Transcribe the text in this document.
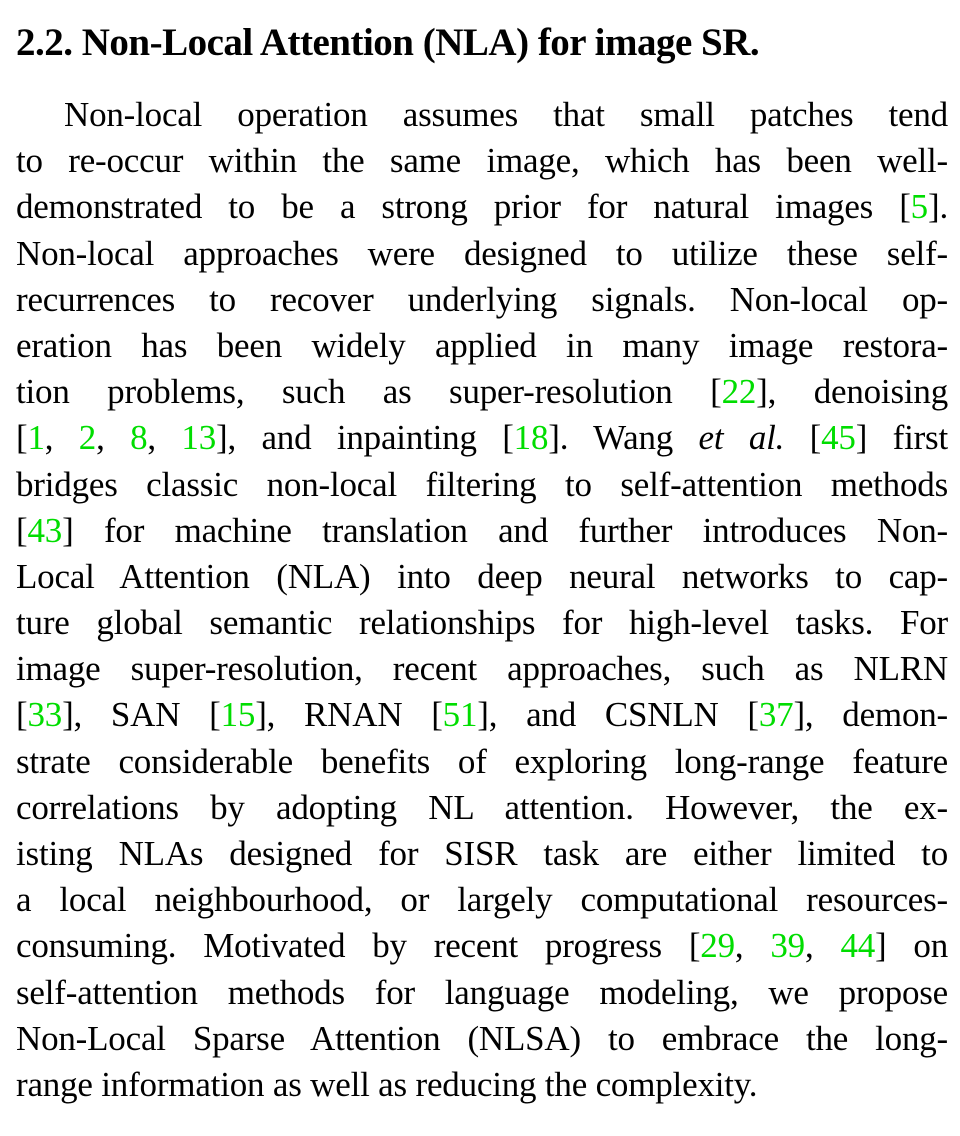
2.2. Non-Local Attention (NLA) for image SR.
Non-local operation assumes that small patches tend
to re-occur within the same image, which has been well-
demonstrated to be a strong prior for natural images [5].
Non-local approaches were designed to utilize these self-
recurrences to recover underlying signals. Non-local op-
eration has been widely applied in many image restora-
tion problems, such as super-resolution [22], denoising
[1, 2, 8, 13], and inpainting [18]. Wang et al. [45] first
bridges classic non-local filtering to self-attention methods
[43] for machine translation and further introduces Non-
Local Attention (NLA) into deep neural networks to cap-
ture global semantic relationships for high-level tasks. For
image super-resolution, recent approaches, such as NLRN
[33], SAN [15], RNAN [51], and CSNLN [37], demon-
strate considerable benefits of exploring long-range feature
correlations by adopting NL attention. However, the ex-
isting NLAs designed for SISR task are either limited to
a local neighbourhood, or largely computational resources-
consuming. Motivated by recent progress [29, 39, 44] on
self-attention methods for language modeling, we propose
Non-Local Sparse Attention (NLSA) to embrace the long-
range information as well as reducing the complexity.
